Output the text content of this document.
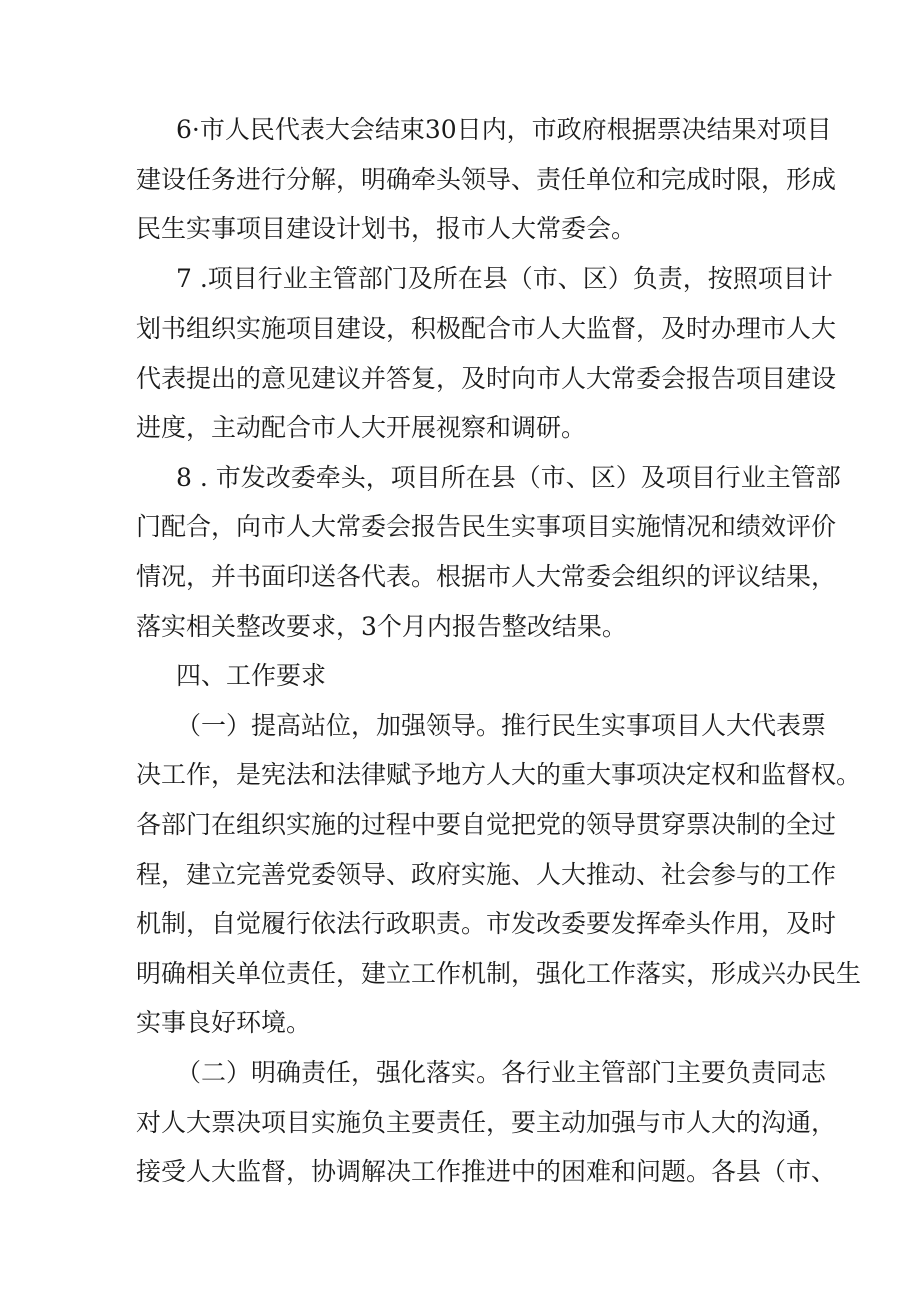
6·市人民代表大会结束30日内，市政府根据票决结果对项目
建设任务进行分解，明确牵头领导、责任单位和完成时限，形成
民生实事项目建设计划书，报市人大常委会。
7 .项目行业主管部门及所在县（市、区）负责，按照项目计
划书组织实施项目建设，积极配合市人大监督，及时办理市人大
代表提出的意见建议并答复，及时向市人大常委会报告项目建设
进度，主动配合市人大开展视察和调研。
8 . 市发改委牵头，项目所在县（市、区）及项目行业主管部
门配合，向市人大常委会报告民生实事项目实施情况和绩效评价
情况，并书面印送各代表。根据市人大常委会组织的评议结果，
落实相关整改要求，3个月内报告整改结果。
四、工作要求
（一）提高站位，加强领导。推行民生实事项目人大代表票
决工作，是宪法和法律赋予地方人大的重大事项决定权和监督权。
各部门在组织实施的过程中要自觉把党的领导贯穿票决制的全过
程，建立完善党委领导、政府实施、人大推动、社会参与的工作
机制，自觉履行依法行政职责。市发改委要发挥牵头作用，及时
明确相关单位责任，建立工作机制，强化工作落实，形成兴办民生
实事良好环境。
（二）明确责任，强化落实。各行业主管部门主要负责同志
对人大票决项目实施负主要责任，要主动加强与市人大的沟通，
接受人大监督，协调解决工作推进中的困难和问题。各县（市、
